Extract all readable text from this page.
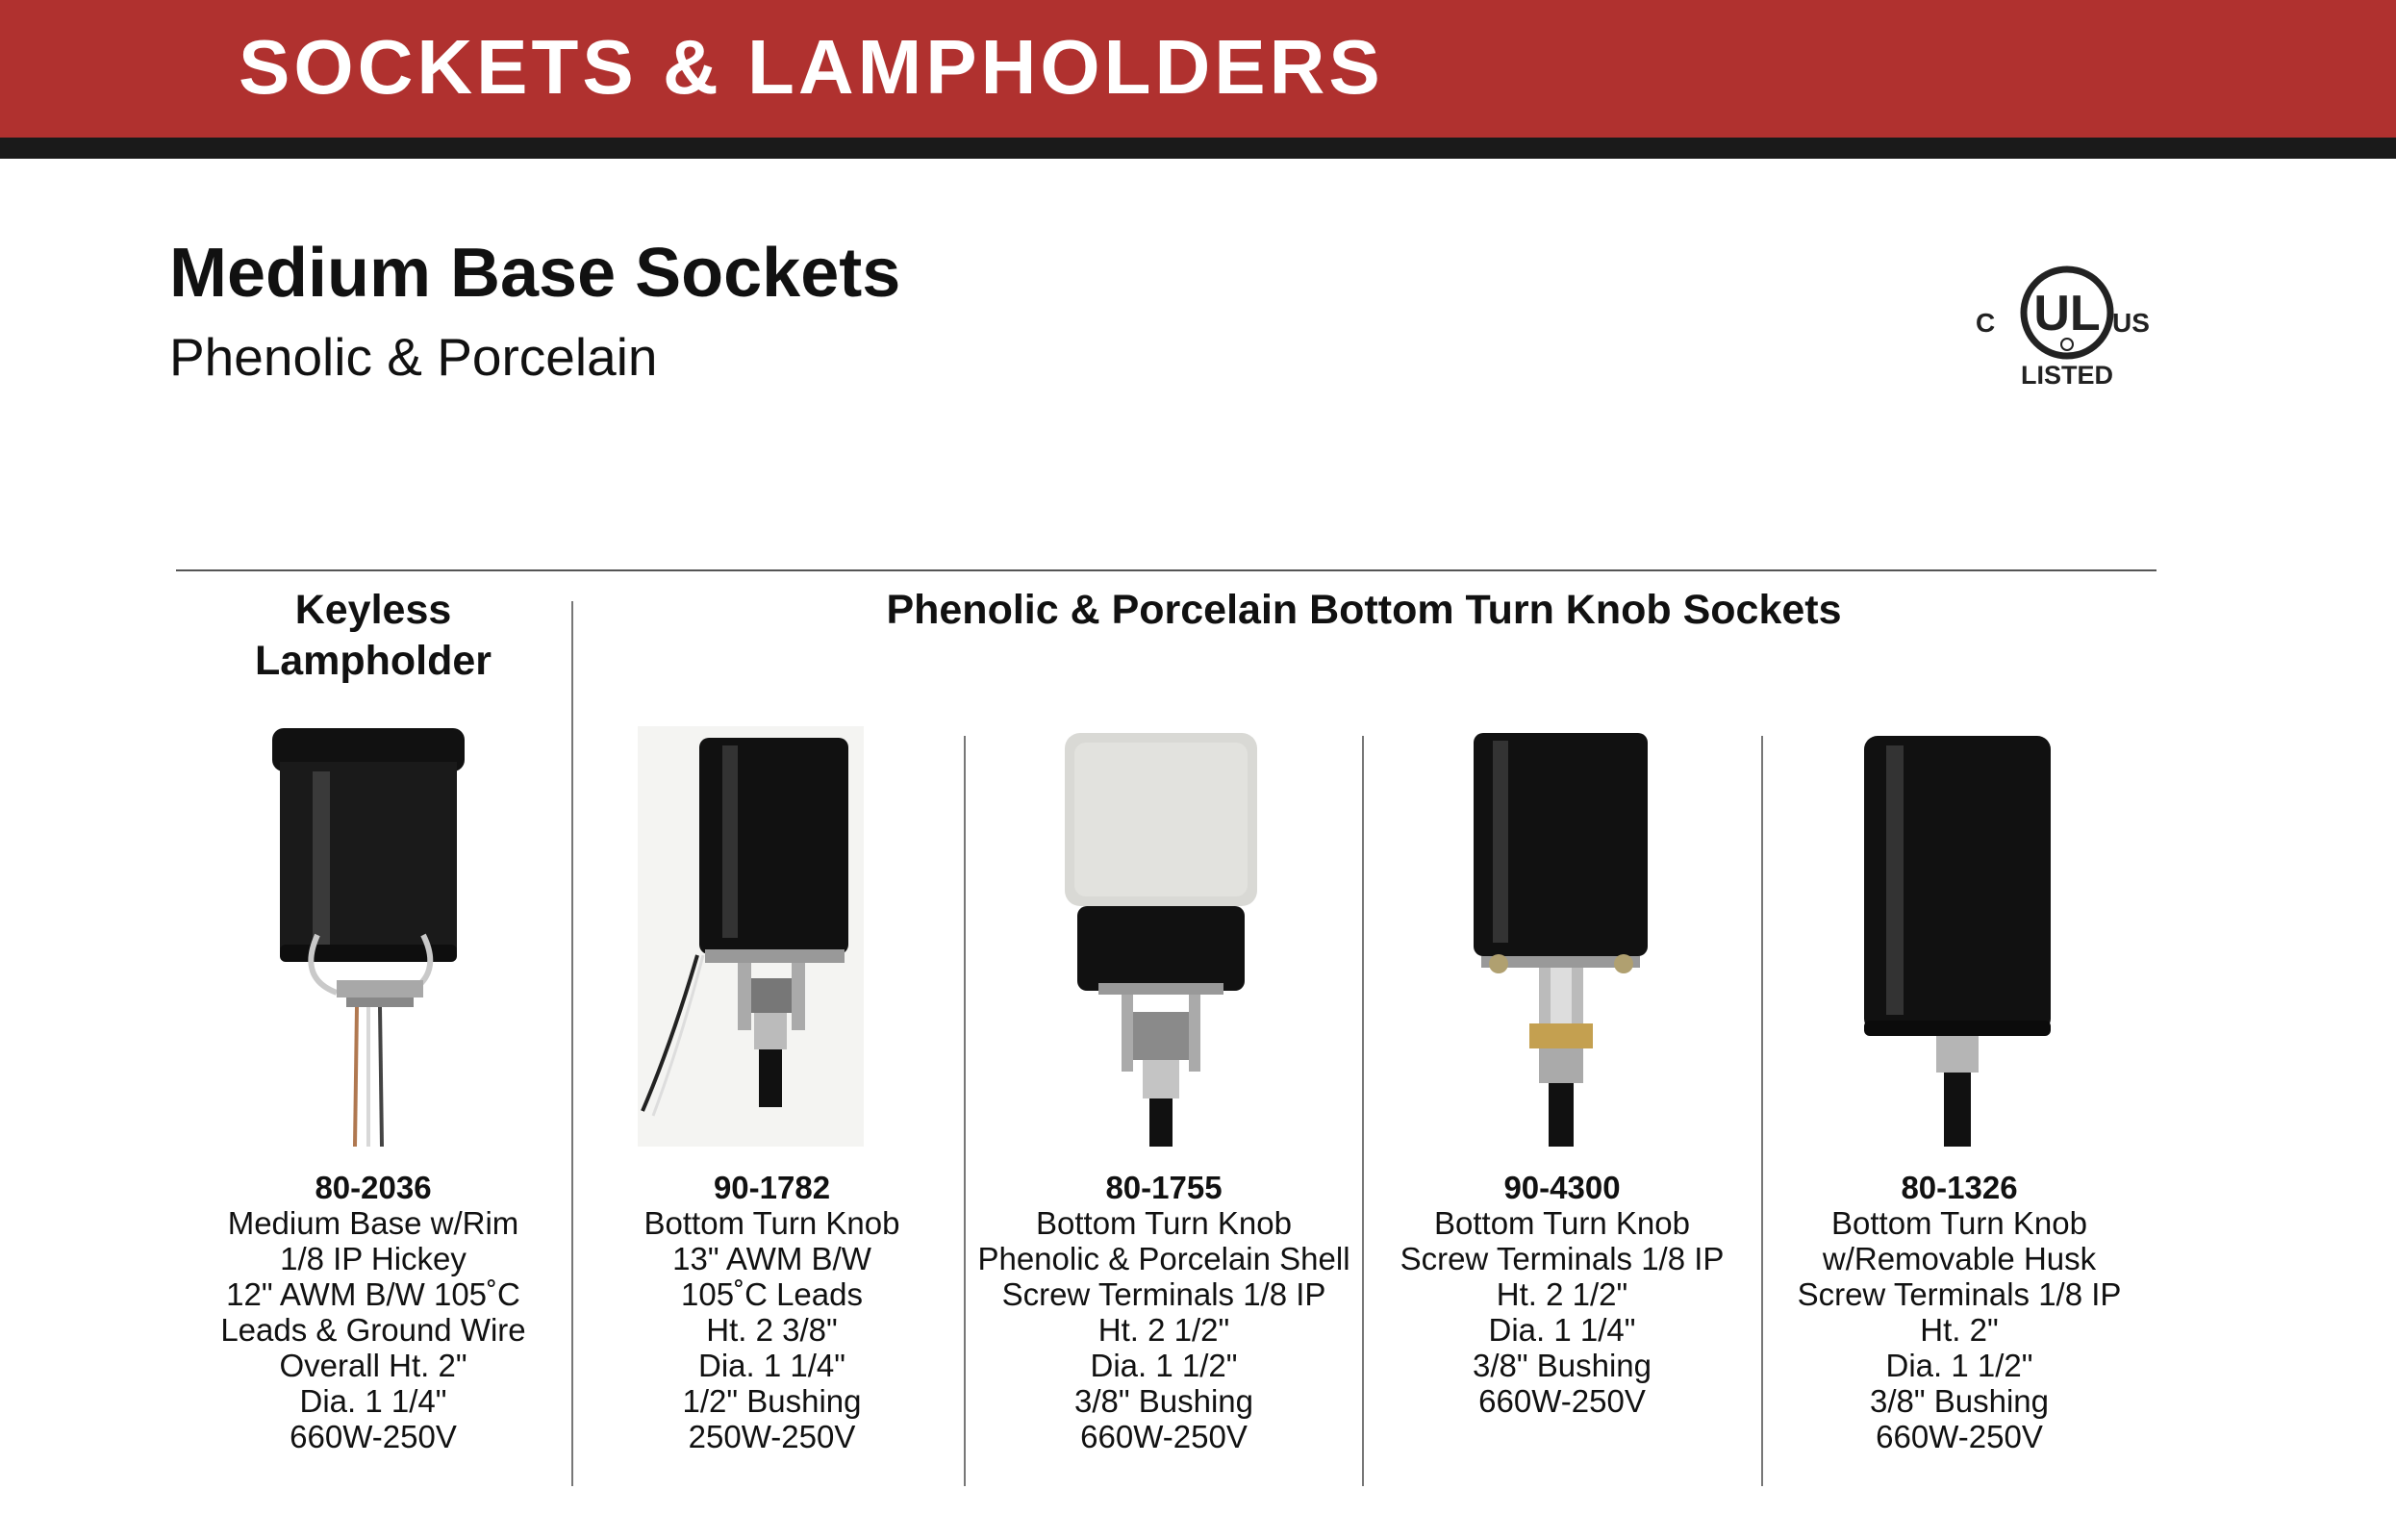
SOCKETS & LAMPHOLDERS
Medium Base Sockets
Phenolic & Porcelain
C UL US
LISTED
Keyless
Lampholder
Phenolic & Porcelain Bottom Turn Knob Sockets
80-2036
Medium Base w/Rim
1/8 IP Hickey
12" AWM B/W 105˚C
Leads & Ground Wire
Overall Ht. 2"
Dia. 1 1/4"
660W-250V
90-1782
Bottom Turn Knob
13" AWM B/W
105˚C Leads
Ht. 2 3/8"
Dia. 1 1/4"
1/2" Bushing
250W-250V
80-1755
Bottom Turn Knob
Phenolic & Porcelain Shell
Screw Terminals 1/8 IP
Ht. 2 1/2"
Dia. 1 1/2"
3/8" Bushing
660W-250V
90-4300
Bottom Turn Knob
Screw Terminals 1/8 IP
Ht. 2 1/2"
Dia. 1 1/4"
3/8" Bushing
660W-250V
80-1326
Bottom Turn Knob
w/Removable Husk
Screw Terminals 1/8 IP
Ht. 2"
Dia. 1 1/2"
3/8" Bushing
660W-250V
